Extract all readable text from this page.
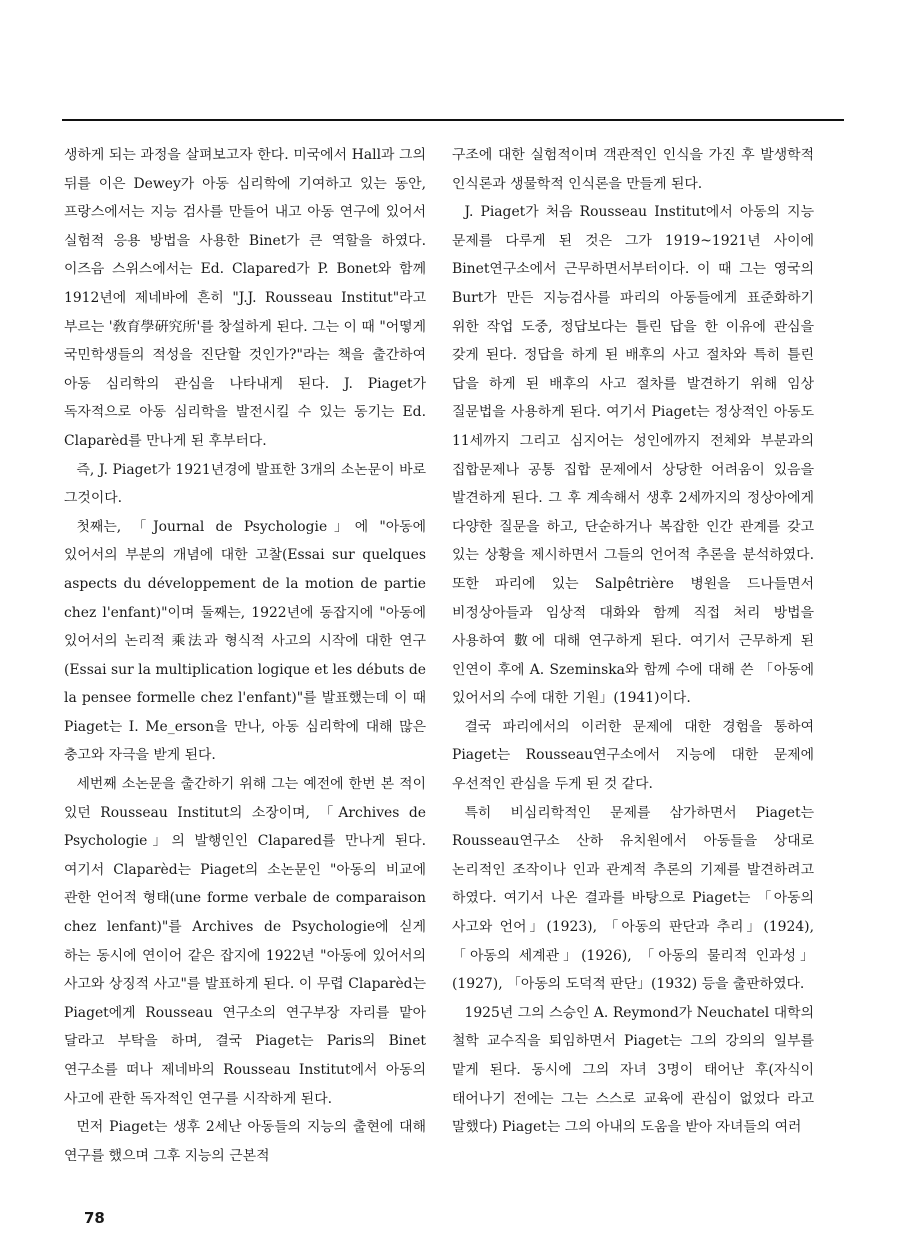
생하게 되는 과정을 살펴보고자 한다. 미국에서 Hall과 그의 뒤를 이은 Dewey가 아동 심리학에 기여하고 있는 동안, 프랑스에서는 지능 검사를 만들어 내고 아동 연구에 있어서 실험적 응용 방법을 사용한 Binet가 큰 역할을 하였다. 이즈음 스위스에서는 Ed. Clapared가 P. Bonet와 함께 1912년에 제네바에 흔히 "J.J. Rousseau Institut"라고 부르는 '敎育學硏究所'를 창설하게 된다. 그는 이 때 "어떻게 국민학생들의 적성을 진단할 것인가?"라는 책을 출간하여 아동 심리학의 관심을 나타내게 된다. J. Piaget가 독자적으로 아동 심리학을 발전시킬 수 있는 동기는 Ed. Claparèd를 만나게 된 후부터다.

즉, J. Piaget가 1921년경에 발표한 3개의 소논문이 바로 그것이다.

첫째는, 「Journal de Psychologie」에 "아동에 있어서의 부분의 개념에 대한 고찰(Essai sur quelques aspects du développement de la motion de partie chez l'enfant)"이며 둘째는, 1922년에 동잡지에 "아동에 있어서의 논리적 乘法과 형식적 사고의 시작에 대한 연구(Essai sur la multiplication logique et les débuts de la pensee formelle chez l'enfant)"를 발표했는데 이 때 Piaget는 I. Me_erson을 만나, 아동 심리학에 대해 많은 충고와 자극을 받게 된다.

세번째 소논문을 출간하기 위해 그는 예전에 한번 본 적이 있던 Rousseau Institut의 소장이며, 「Archives de Psychologie」의 발행인인 Clapared를 만나게 된다. 여기서 Claparèd는 Piaget의 소논문인 "아동의 비교에 관한 언어적 형태(une forme verbale de comparaison chez lenfant)"를 Archives de Psychologie에 싣게 하는 동시에 연이어 같은 잡지에 1922년 "아동에 있어서의 사고와 상징적 사고"를 발표하게 된다. 이 무렵 Claparèd는 Piaget에게 Rousseau 연구소의 연구부장 자리를 맡아 달라고 부탁을 하며, 결국 Piaget는 Paris의 Binet 연구소를 떠나 제네바의 Rousseau Institut에서 아동의 사고에 관한 독자적인 연구를 시작하게 된다.

먼저 Piaget는 생후 2세난 아동들의 지능의 출현에 대해 연구를 했으며 그후 지능의 근본적

구조에 대한 실험적이며 객관적인 인식을 가진 후 발생학적 인식론과 생물학적 인식론을 만들게 된다.

J. Piaget가 처음 Rousseau Institut에서 아동의 지능 문제를 다루게 된 것은 그가 1919~1921년 사이에 Binet연구소에서 근무하면서부터이다. 이 때 그는 영국의 Burt가 만든 지능검사를 파리의 아동들에게 표준화하기 위한 작업 도중, 정답보다는 틀린 답을 한 이유에 관심을 갖게 된다. 정답을 하게 된 배후의 사고 절차와 특히 틀린 답을 하게 된 배후의 사고 절차를 발견하기 위해 임상 질문법을 사용하게 된다. 여기서 Piaget는 정상적인 아동도 11세까지 그리고 심지어는 성인에까지 전체와 부분과의 집합문제나 공통 집합 문제에서 상당한 어려움이 있음을 발견하게 된다. 그 후 계속해서 생후 2세까지의 정상아에게 다양한 질문을 하고, 단순하거나 복잡한 인간 관계를 갖고 있는 상황을 제시하면서 그들의 언어적 추론을 분석하였다. 또한 파리에 있는 Salpêtrière 병원을 드나들면서 비정상아들과 임상적 대화와 함께 직접 처리 방법을 사용하여 數에 대해 연구하게 된다. 여기서 근무하게 된 인연이 후에 A. Szeminska와 함께 수에 대해 쓴 「아동에 있어서의 수에 대한 기원」(1941)이다.

결국 파리에서의 이러한 문제에 대한 경험을 통하여 Piaget는 Rousseau연구소에서 지능에 대한 문제에 우선적인 관심을 두게 된 것 같다.

특히 비심리학적인 문제를 삼가하면서 Piaget는 Rousseau연구소 산하 유치원에서 아동들을 상대로 논리적인 조작이나 인과 관계적 추론의 기제를 발견하려고 하였다. 여기서 나온 결과를 바탕으로 Piaget는 「아동의 사고와 언어」(1923), 「아동의 판단과 추리」(1924), 「아동의 세계관」(1926), 「아동의 물리적 인과성」(1927), 「아동의 도덕적 판단」(1932) 등을 출판하였다.

1925년 그의 스승인 A. Reymond가 Neuchatel 대학의 철학 교수직을 퇴임하면서 Piaget는 그의 강의의 일부를 맡게 된다. 동시에 그의 자녀 3명이 태어난 후(자식이 태어나기 전에는 그는 스스로 교육에 관심이 없었다 라고 말했다) Piaget는 그의 아내의 도움을 받아 자녀들의 여러

78
